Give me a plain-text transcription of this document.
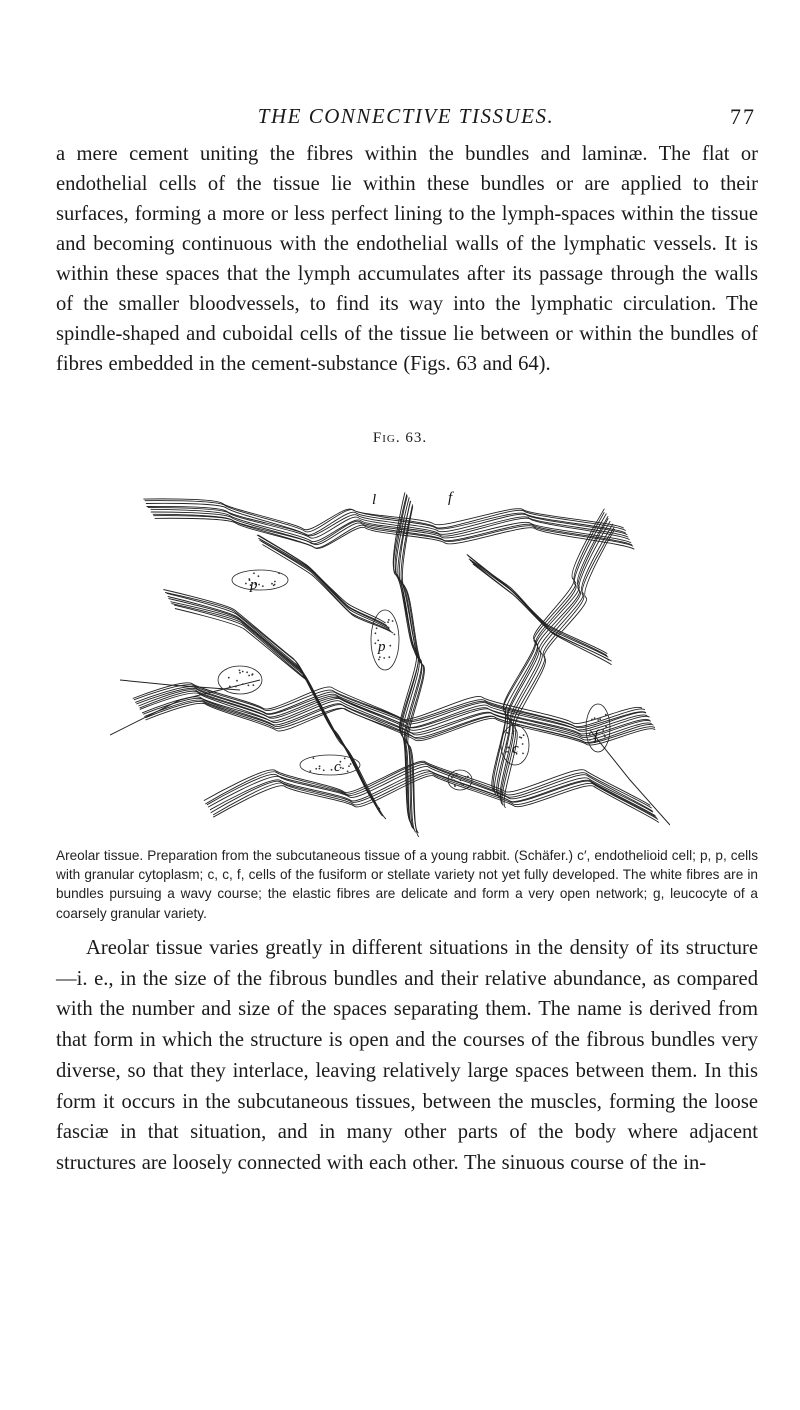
THE CONNECTIVE TISSUES.	77

a mere cement uniting the fibres within the bundles and laminæ. The flat or endothelial cells of the tissue lie within these bundles or are applied to their surfaces, forming a more or less perfect lining to the lymph-spaces within the tissue and becoming continuous with the endothelial walls of the lymphatic vessels. It is within these spaces that the lymph accumulates after its passage through the walls of the smaller bloodvessels, to find its way into the lymphatic circulation. The spindle-shaped and cuboidal cells of the tissue lie between or within the bundles of fibres embedded in the cement-substance (Figs. 63 and 64).

Fig. 63.
p
p
c
c
f
l	f

Areolar tissue. Preparation from the subcutaneous tissue of a young rabbit. (Schäfer.) c′, endothelioid cell; p, p, cells with granular cytoplasm; c, c, f, cells of the fusiform or stellate variety not yet fully developed. The white fibres are in bundles pursuing a wavy course; the elastic fibres are delicate and form a very open network; g, leucocyte of a coarsely granular variety.

Areolar tissue varies greatly in different situations in the density of its structure—i. e., in the size of the fibrous bundles and their relative abundance, as compared with the number and size of the spaces separating them. The name is derived from that form in which the structure is open and the courses of the fibrous bundles very diverse, so that they interlace, leaving relatively large spaces between them. In this form it occurs in the subcutaneous tissues, between the muscles, forming the loose fasciæ in that situation, and in many other parts of the body where adjacent structures are loosely connected with each other. The sinuous course of the in-
